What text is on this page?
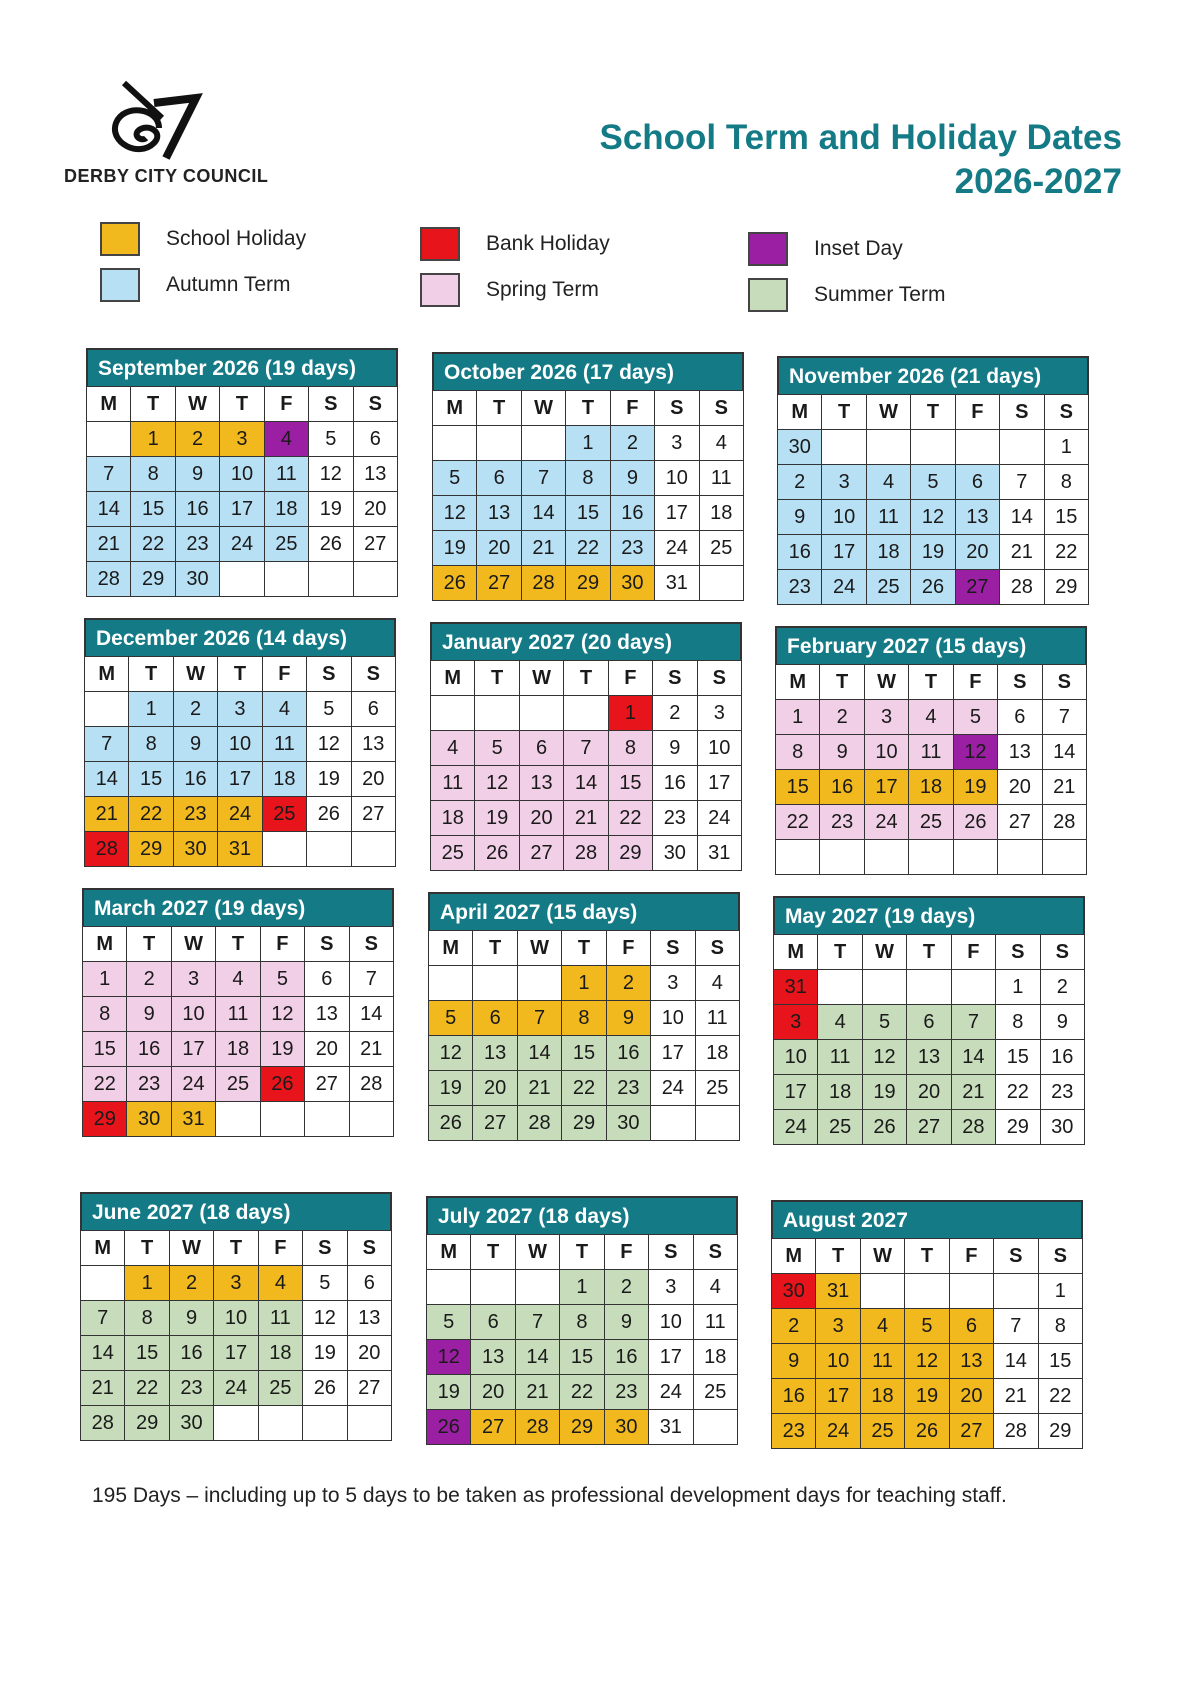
DERBY CITY COUNCIL
School Term and Holiday Dates
2026-2027
School Holiday
Autumn Term
Bank Holiday
Spring Term
Inset Day
Summer Term
September 2026 (19 days)
M	T	W	T	F	S	S
	1	2	3	4	5	6
7	8	9	10	11	12	13
14	15	16	17	18	19	20
21	22	23	24	25	26	27
28	29	30				
October 2026 (17 days)
M	T	W	T	F	S	S
			1	2	3	4
5	6	7	8	9	10	11
12	13	14	15	16	17	18
19	20	21	22	23	24	25
26	27	28	29	30	31	
November 2026 (21 days)
M	T	W	T	F	S	S
30						1
2	3	4	5	6	7	8
9	10	11	12	13	14	15
16	17	18	19	20	21	22
23	24	25	26	27	28	29
December 2026 (14 days)
M	T	W	T	F	S	S
	1	2	3	4	5	6
7	8	9	10	11	12	13
14	15	16	17	18	19	20
21	22	23	24	25	26	27
28	29	30	31			
January 2027 (20 days)
M	T	W	T	F	S	S
				1	2	3
4	5	6	7	8	9	10
11	12	13	14	15	16	17
18	19	20	21	22	23	24
25	26	27	28	29	30	31
February 2027 (15 days)
M	T	W	T	F	S	S
1	2	3	4	5	6	7
8	9	10	11	12	13	14
15	16	17	18	19	20	21
22	23	24	25	26	27	28

March 2027 (19 days)
M	T	W	T	F	S	S
1	2	3	4	5	6	7
8	9	10	11	12	13	14
15	16	17	18	19	20	21
22	23	24	25	26	27	28
29	30	31				
April 2027 (15 days)
M	T	W	T	F	S	S
			1	2	3	4
5	6	7	8	9	10	11
12	13	14	15	16	17	18
19	20	21	22	23	24	25
26	27	28	29	30		
May 2027 (19 days)
M	T	W	T	F	S	S
31					1	2
3	4	5	6	7	8	9
10	11	12	13	14	15	16
17	18	19	20	21	22	23
24	25	26	27	28	29	30
June 2027 (18 days)
M	T	W	T	F	S	S
	1	2	3	4	5	6
7	8	9	10	11	12	13
14	15	16	17	18	19	20
21	22	23	24	25	26	27
28	29	30				
July 2027 (18 days)
M	T	W	T	F	S	S
			1	2	3	4
5	6	7	8	9	10	11
12	13	14	15	16	17	18
19	20	21	22	23	24	25
26	27	28	29	30	31	
August 2027
M	T	W	T	F	S	S
30	31					1
2	3	4	5	6	7	8
9	10	11	12	13	14	15
16	17	18	19	20	21	22
23	24	25	26	27	28	29
195 Days – including up to 5 days to be taken as professional development days for teaching staff.
